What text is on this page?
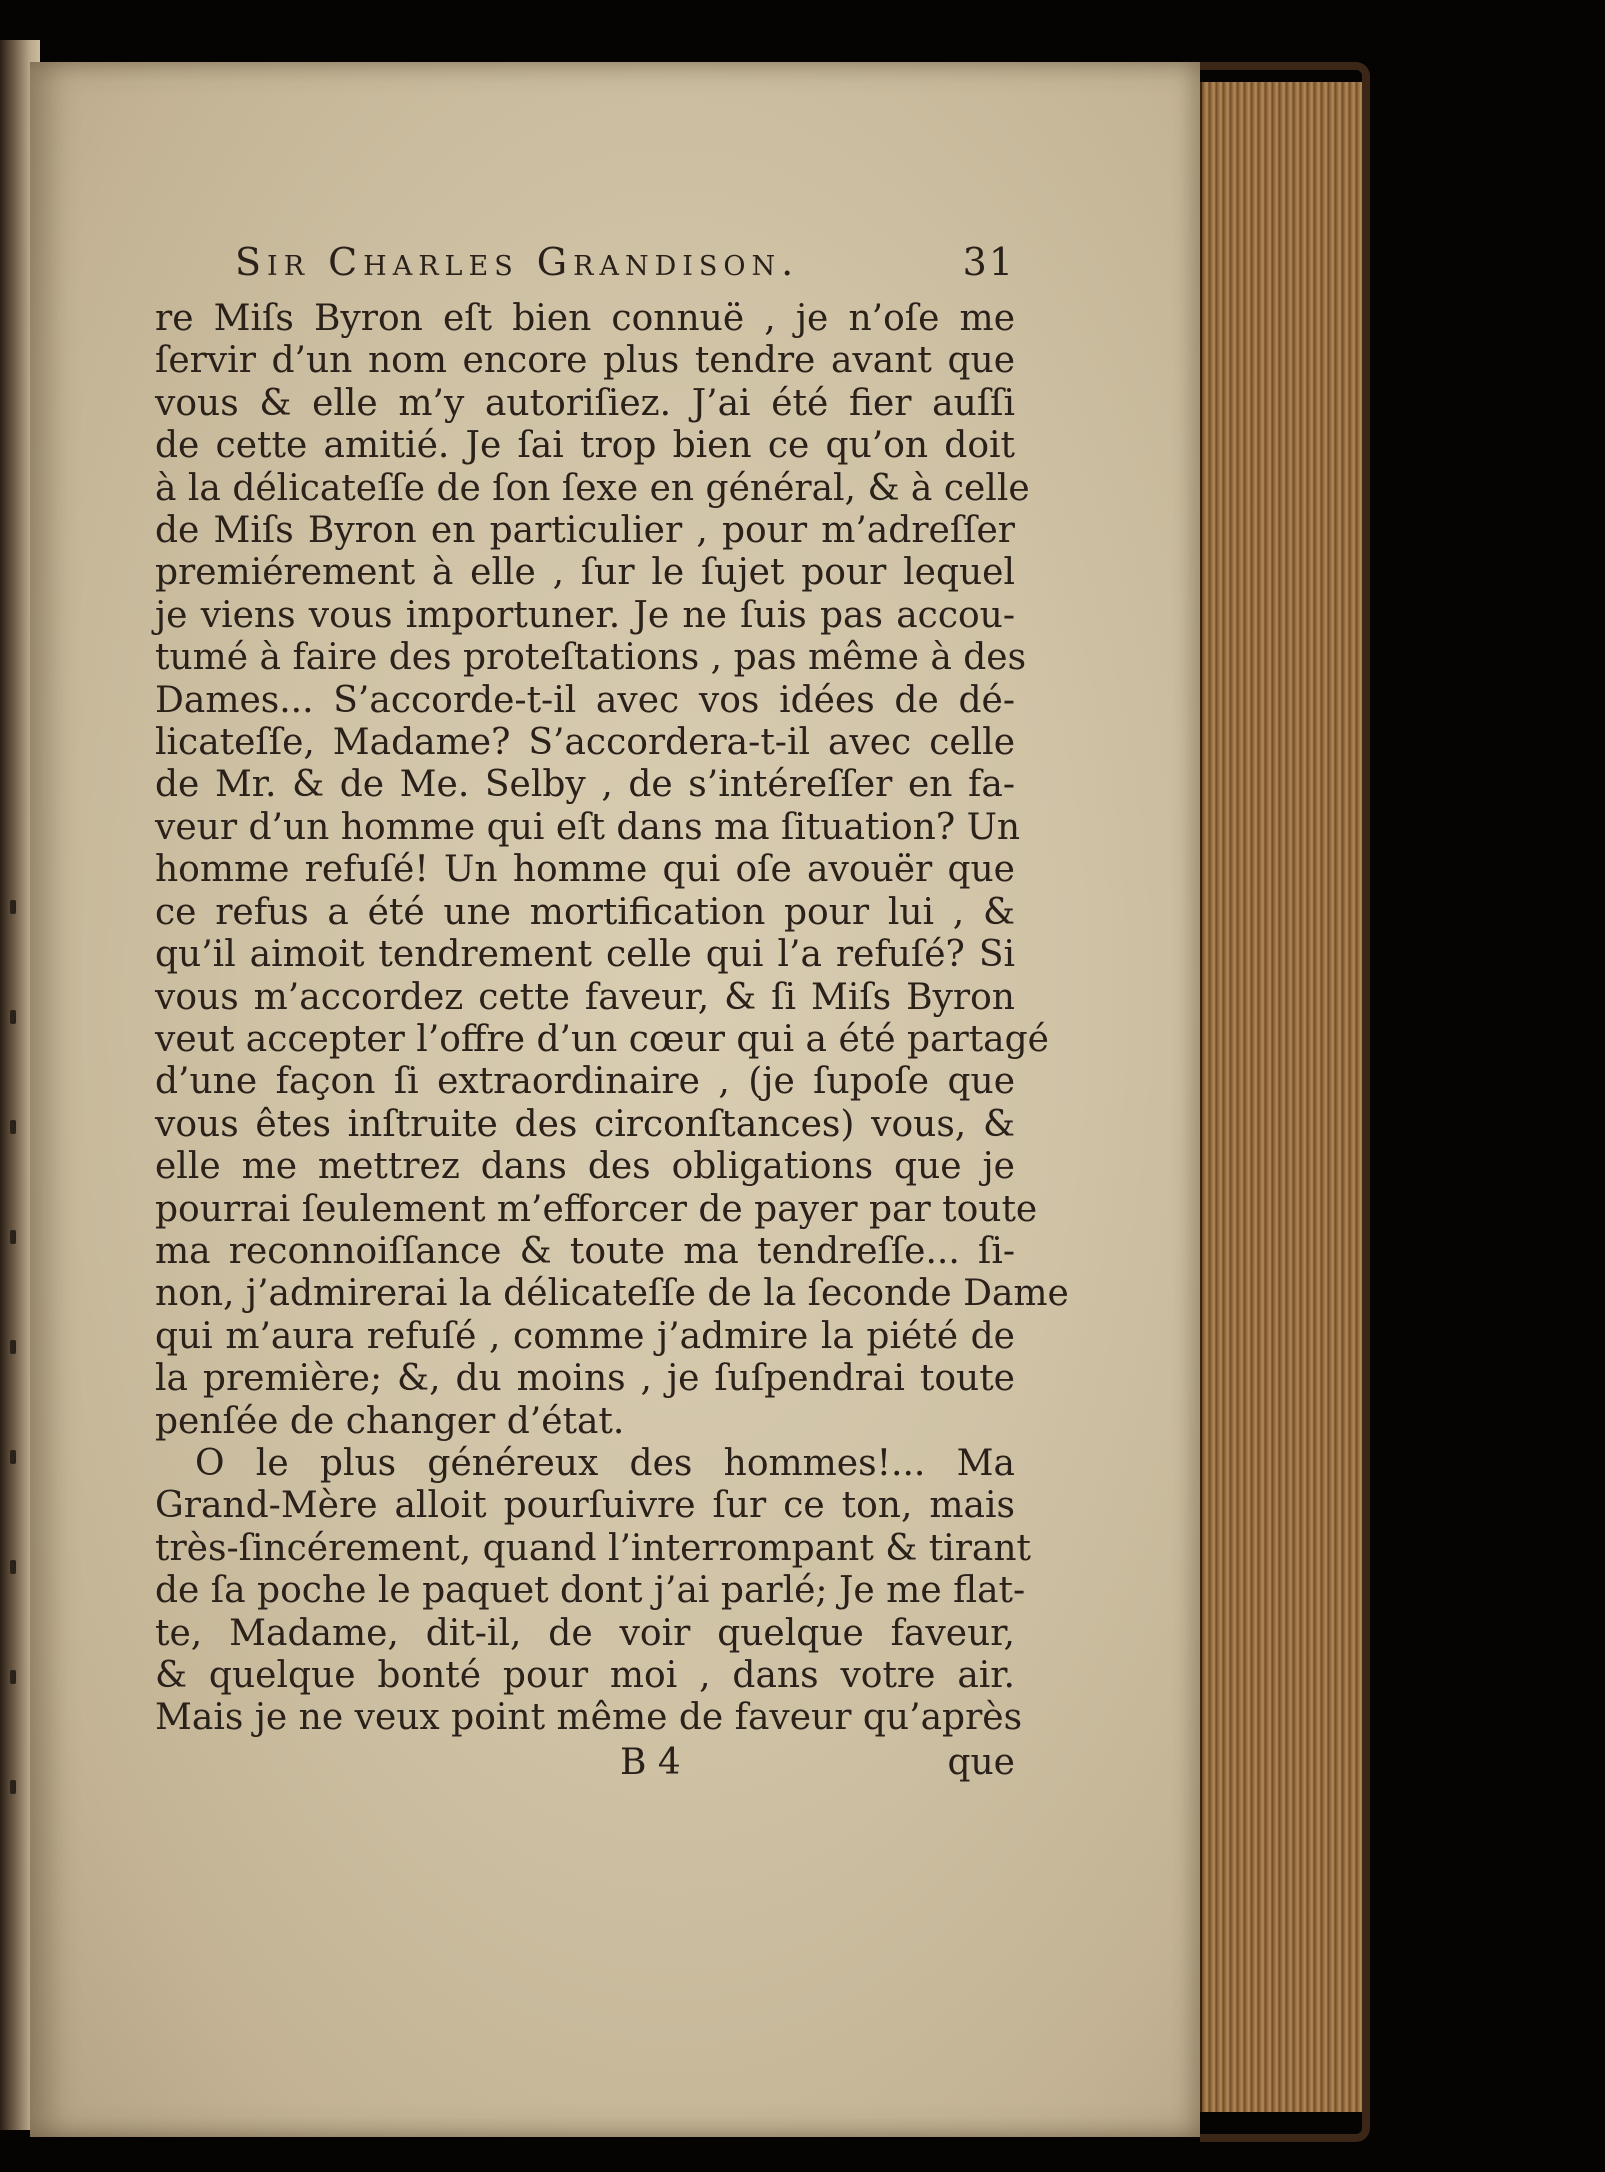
Sir Charles Grandison.	31
re Miſs Byron eſt bien connuë , je n’oſe me
ſervir d’un nom encore plus tendre avant que
vous & elle m’y autoriſiez. J’ai été fier auſſi
de cette amitié. Je ſai trop bien ce qu’on doit
à la délicateſſe de ſon ſexe en général, & à celle
de Miſs Byron en particulier , pour m’adreſſer
premiérement à elle , ſur le ſujet pour lequel
je viens vous importuner. Je ne ſuis pas accou-
tumé à faire des proteſtations , pas même à des
Dames... S’accorde-t-il avec vos idées de dé-
licateſſe, Madame? S’accordera-t-il avec celle
de Mr. & de Me. Selby , de s’intéreſſer en fa-
veur d’un homme qui eſt dans ma ſituation? Un
homme refuſé! Un homme qui oſe avouër que
ce refus a été une mortification pour lui , &
qu’il aimoit tendrement celle qui l’a refuſé? Si
vous m’accordez cette faveur, & ſi Miſs Byron
veut accepter l’offre d’un cœur qui a été partagé
d’une façon ſi extraordinaire , (je ſupoſe que
vous êtes inſtruite des circonſtances) vous, &
elle me mettrez dans des obligations que je
pourrai ſeulement m’efforcer de payer par toute
ma reconnoiſſance & toute ma tendreſſe... ſi-
non, j’admirerai la délicateſſe de la ſeconde Dame
qui m’aura refuſé , comme j’admire la piété de
la première; &, du moins , je ſuſpendrai toute
penſée de changer d’état.
O le plus généreux des hommes!... Ma
Grand-Mère alloit pourſuivre ſur ce ton, mais
très-ſincérement, quand l’interrompant & tirant
de ſa poche le paquet dont j’ai parlé; Je me flat-
te, Madame, dit-il, de voir quelque faveur,
& quelque bonté pour moi , dans votre air.
Mais je ne veux point même de faveur qu’après
B 4	que
